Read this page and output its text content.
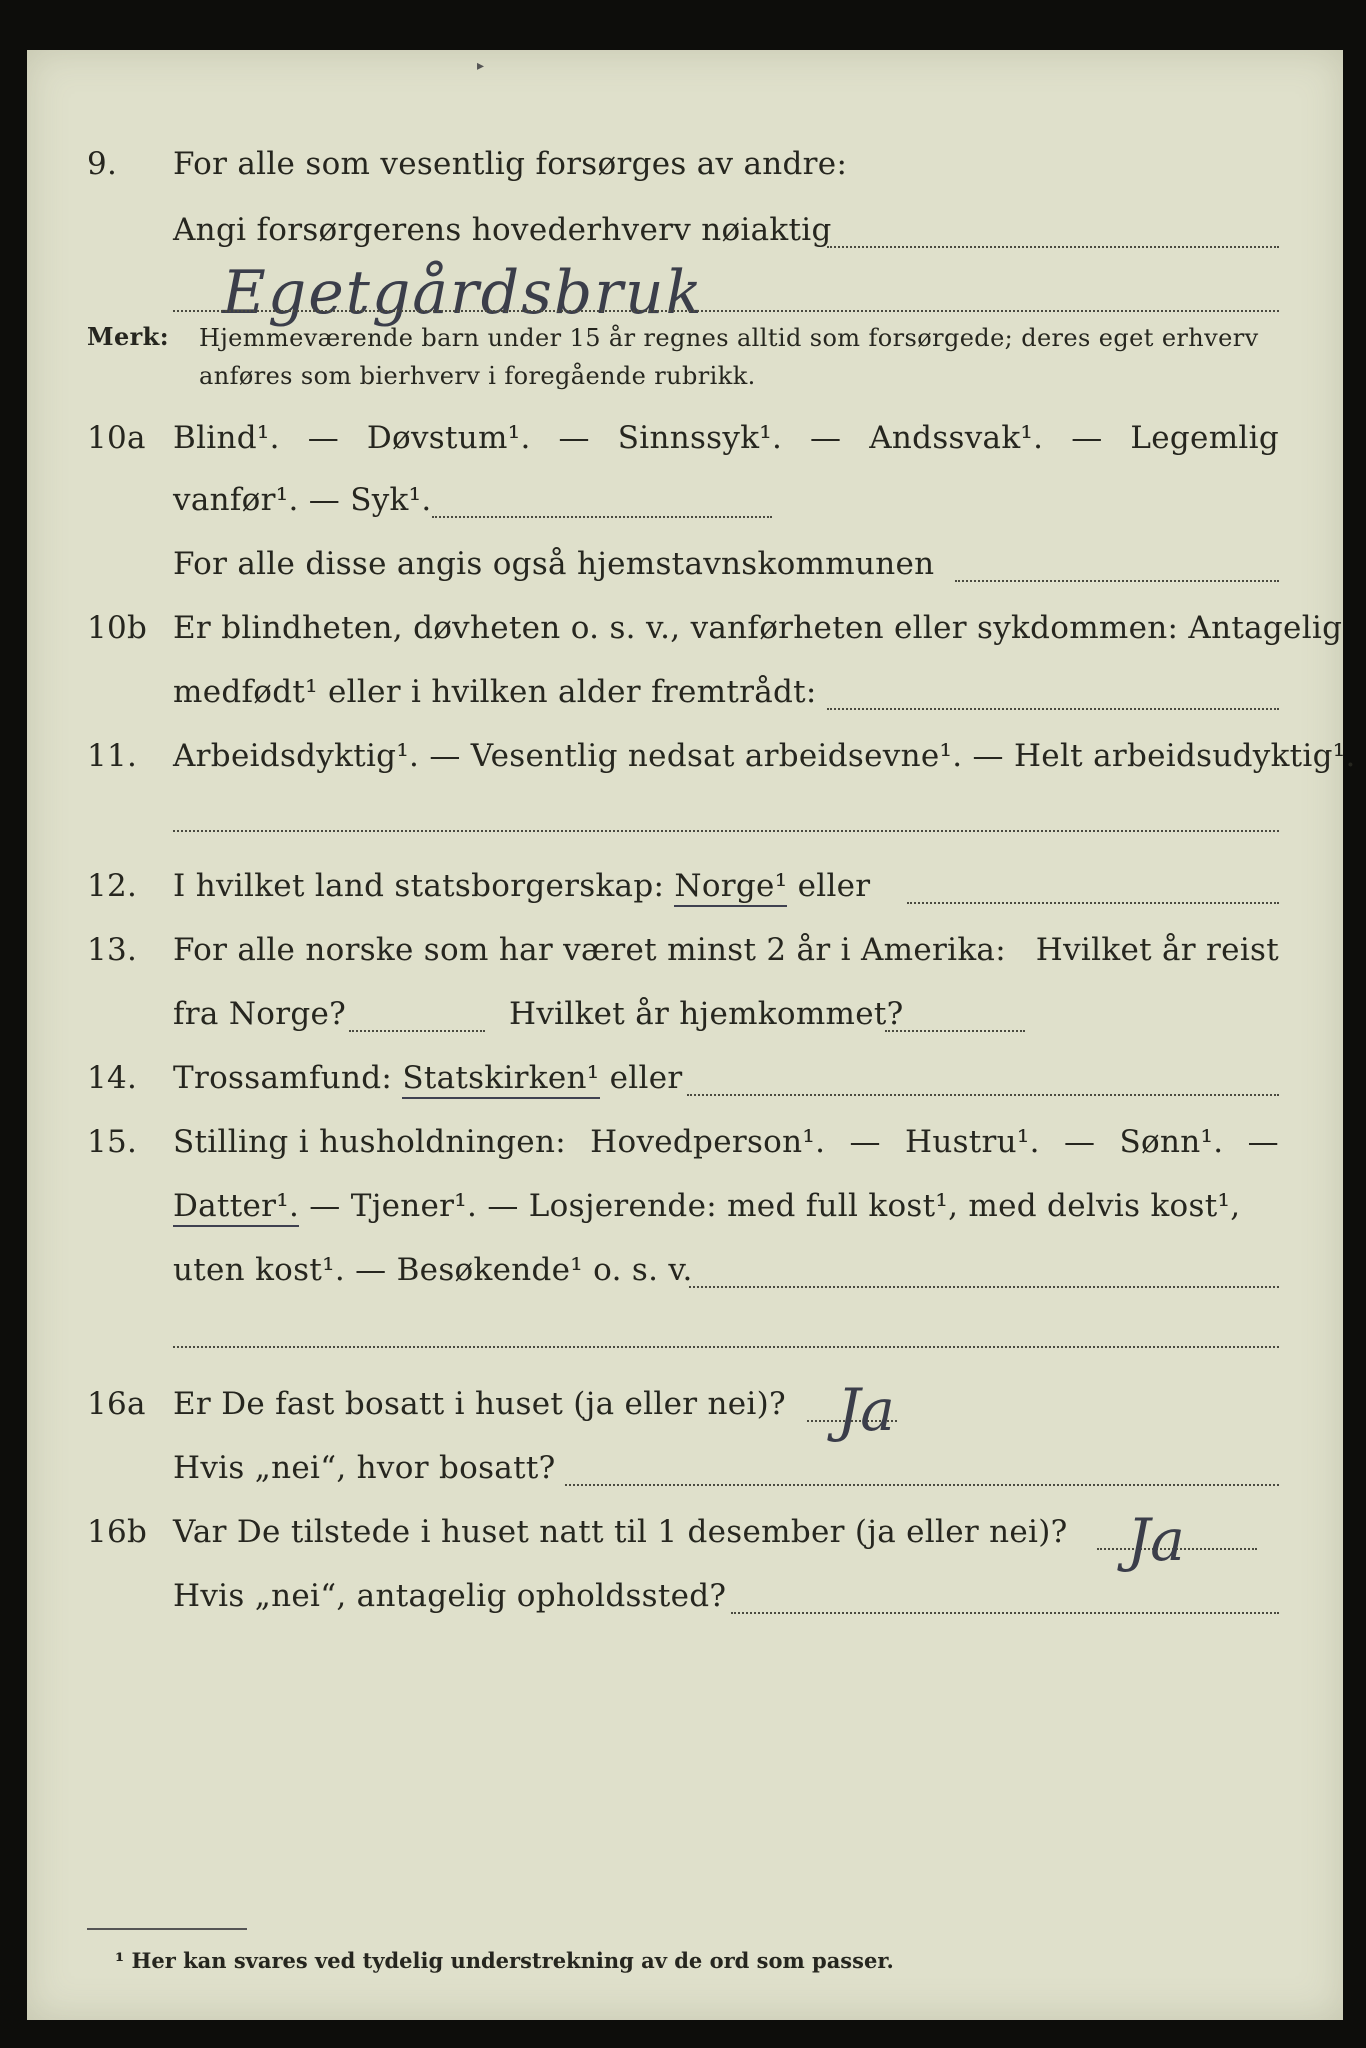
▸
9. For alle som vesentlig forsørges av andre:
Angi forsørgerens hovederhverv nøiaktig
Egetgårdsbruk
Merk: Hjemmeværende barn under 15 år regnes alltid som forsørgede; deres eget erhverv
anføres som bierhverv i foregående rubrikk.
10a Blind¹. — Døvstum¹. — Sinnssyk¹. — Andssvak¹. — Legemlig
vanfør¹. — Syk¹.
For alle disse angis også hjemstavnskommunen
10b Er blindheten, døvheten o. s. v., vanførheten eller sykdommen: Antagelig
medfødt¹ eller i hvilken alder fremtrådt:
11. Arbeidsdyktig¹. — Vesentlig nedsat arbeidsevne¹. — Helt arbeidsudyktig¹.
12. I hvilket land statsborgerskap: Norge¹ eller
13. For alle norske som har været minst 2 år i Amerika: Hvilket år reist
fra Norge?	Hvilket år hjemkommet?
14. Trossamfund: Statskirken¹ eller
15. Stilling i husholdningen: Hovedperson¹. — Hustru¹. — Sønn¹. —
Datter¹. — Tjener¹. — Losjerende: med full kost¹, med delvis kost¹,
uten kost¹. — Besøkende¹ o. s. v.
16a Er De fast bosatt i huset (ja eller nei)? Ja
Hvis „nei“, hvor bosatt?
16b Var De tilstede i huset natt til 1 desember (ja eller nei)? Ja
Hvis „nei“, antagelig opholdssted?
¹ Her kan svares ved tydelig understrekning av de ord som passer.
